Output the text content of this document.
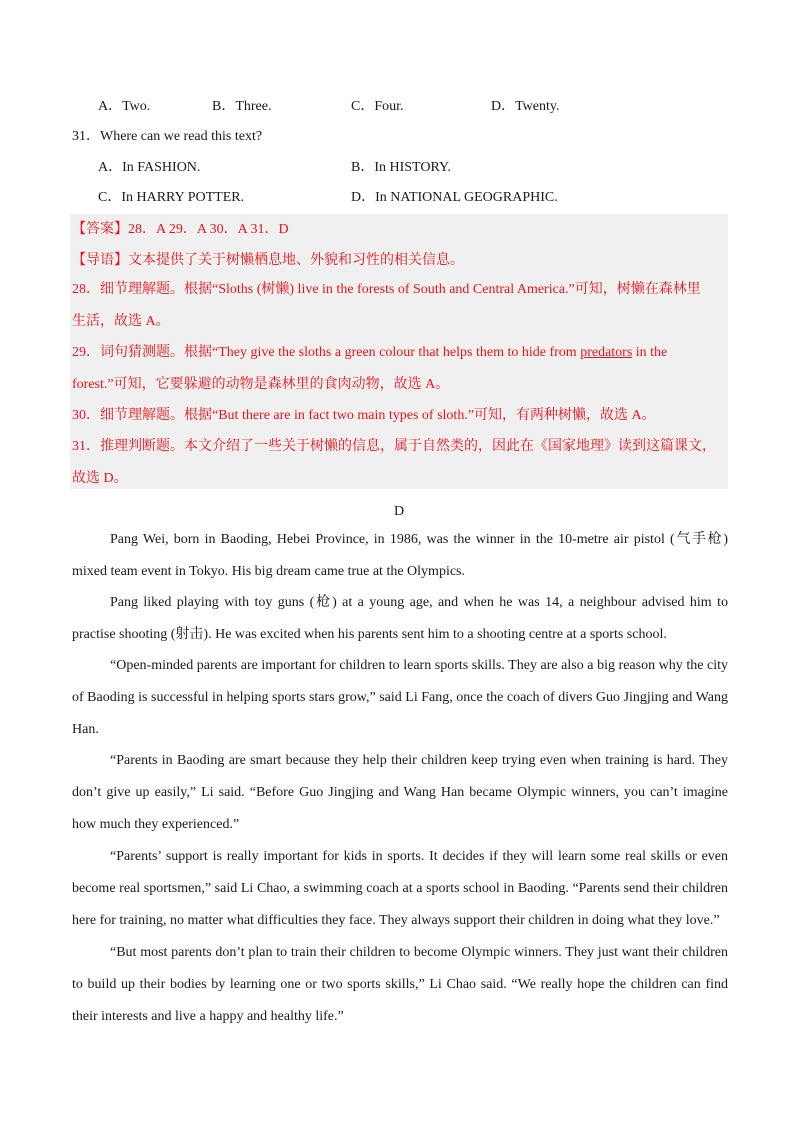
A．Two.	B．Three.	C．Four.	D．Twenty.
31．Where can we read this text?
A．In FASHION.	B．In HISTORY.
C．In HARRY POTTER.	D．In NATIONAL GEOGRAPHIC.
【答案】28．A 29．A 30．A 31．D
【导语】文本提供了关于树懒栖息地、外貌和习性的相关信息。
28．细节理解题。根据“Sloths (树懒) live in the forests of South and Central America.”可知，树懒在森林里
生活，故选 A。
29．词句猜测题。根据“They give the sloths a green colour that helps them to hide from predators in the
forest.”可知，它要躲避的动物是森林里的食肉动物，故选 A。
30．细节理解题。根据“But there are in fact two main types of sloth.”可知，有两种树懒，故选 A。
31．推理判断题。本文介绍了一些关于树懒的信息，属于自然类的，因此在《国家地理》读到这篇课文，
故选 D。
D
Pang Wei, born in Baoding, Hebei Province, in 1986, was the winner in the 10-metre air pistol (气手枪) mixed team event in Tokyo. His big dream came true at the Olympics.
Pang liked playing with toy guns (枪) at a young age, and when he was 14, a neighbour advised him to practise shooting (射击). He was excited when his parents sent him to a shooting centre at a sports school.
“Open-minded parents are important for children to learn sports skills. They are also a big reason why the city of Baoding is successful in helping sports stars grow,” said Li Fang, once the coach of divers Guo Jingjing and Wang Han.
“Parents in Baoding are smart because they help their children keep trying even when training is hard. They don’t give up easily,” Li said. “Before Guo Jingjing and Wang Han became Olympic winners, you can’t imagine how much they experienced.”
“Parents’ support is really important for kids in sports. It decides if they will learn some real skills or even become real sportsmen,” said Li Chao, a swimming coach at a sports school in Baoding. “Parents send their children here for training, no matter what difficulties they face. They always support their children in doing what they love.”
“But most parents don’t plan to train their children to become Olympic winners. They just want their children to build up their bodies by learning one or two sports skills,” Li Chao said. “We really hope the children can find their interests and live a happy and healthy life.”
